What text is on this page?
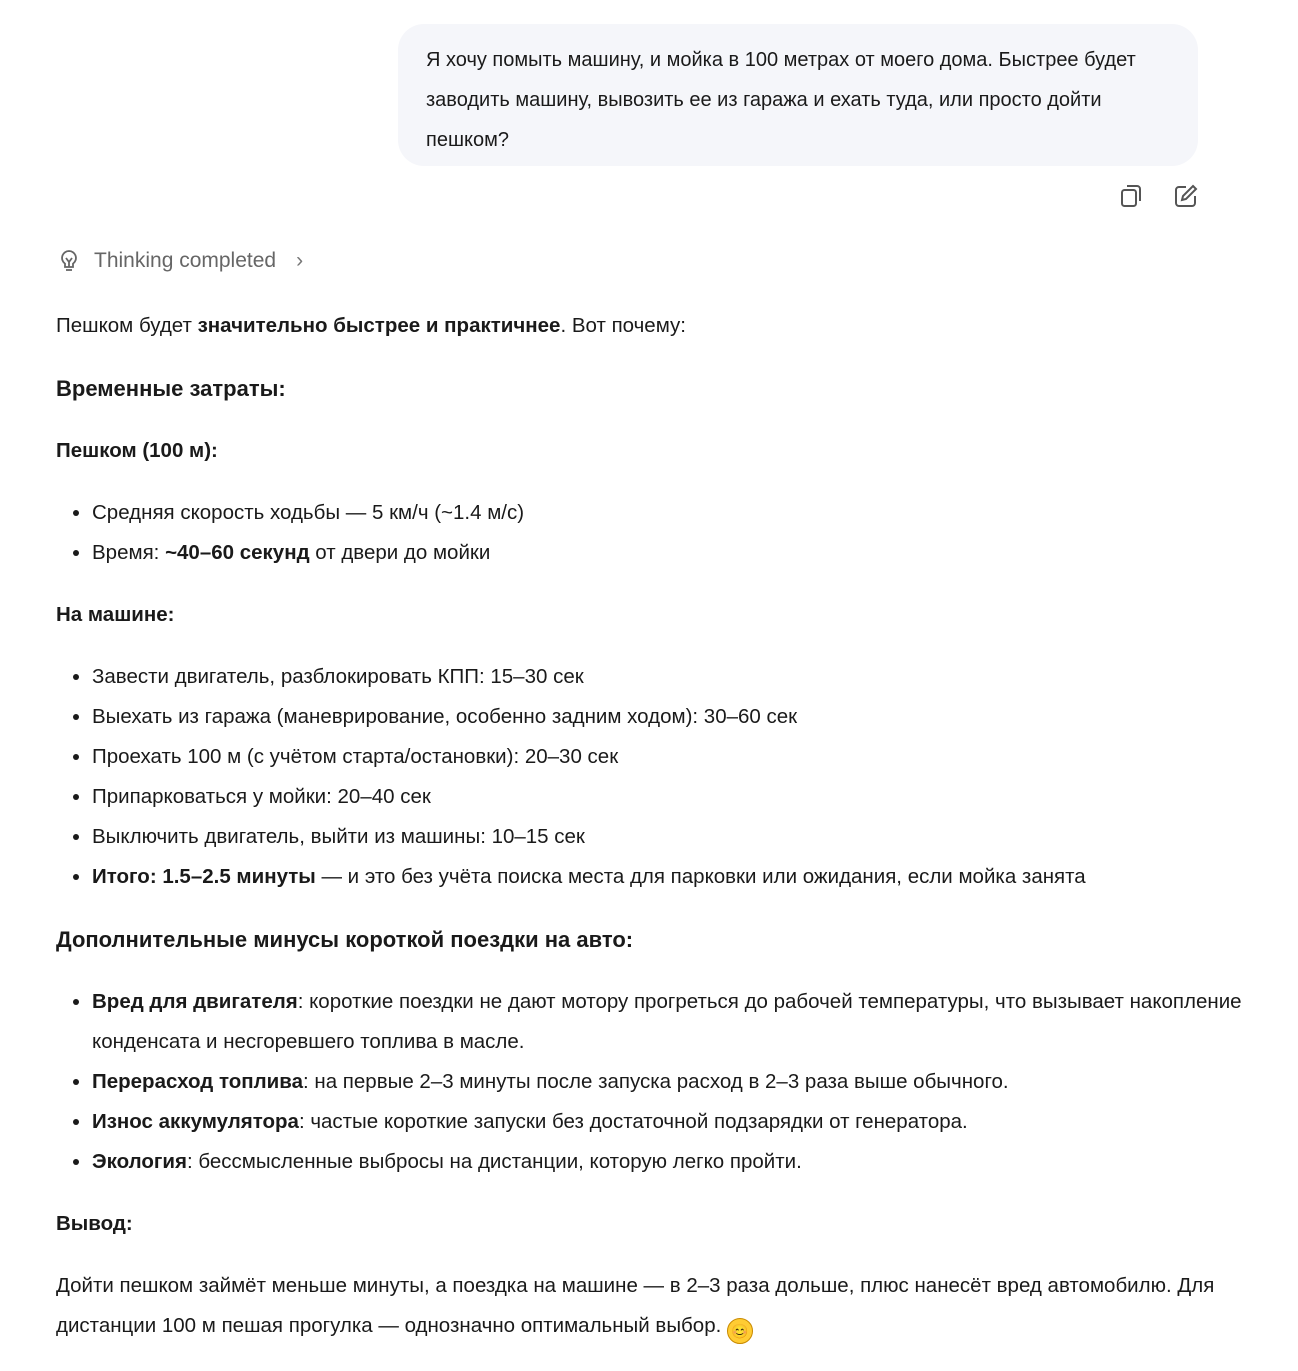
Я хочу помыть машину, и мойка в 100 метрах от моего дома. Быстрее будет заводить машину, вывозить ее из гаража и ехать туда, или просто дойти пешком?
Thinking completed ›

Пешком будет значительно быстрее и практичнее. Вот почему:

Временные затраты:
Пешком (100 м):
• Средняя скорость ходьбы — 5 км/ч (~1.4 м/с)
• Время: ~40–60 секунд от двери до мойки
На машине:
• Завести двигатель, разблокировать КПП: 15–30 сек
• Выехать из гаража (маневрирование, особенно задним ходом): 30–60 сек
• Проехать 100 м (с учётом старта/остановки): 20–30 сек
• Припарковаться у мойки: 20–40 сек
• Выключить двигатель, выйти из машины: 10–15 сек
• Итого: 1.5–2.5 минуты — и это без учёта поиска места для парковки или ожидания, если мойка занята
Дополнительные минусы короткой поездки на авто:
• Вред для двигателя: короткие поездки не дают мотору прогреться до рабочей температуры, что вызывает накопление конденсата и несгоревшего топлива в масле.
• Перерасход топлива: на первые 2–3 минуты после запуска расход в 2–3 раза выше обычного.
• Износ аккумулятора: частые короткие запуски без достаточной подзарядки от генератора.
• Экология: бессмысленные выбросы на дистанции, которую легко пройти.
Вывод:

Дойти пешком займёт меньше минуты, а поездка на машине — в 2–3 раза дольше, плюс нанесёт вред автомобилю. Для дистанции 100 м пешая прогулка — однозначно оптимальный выбор. 😊
